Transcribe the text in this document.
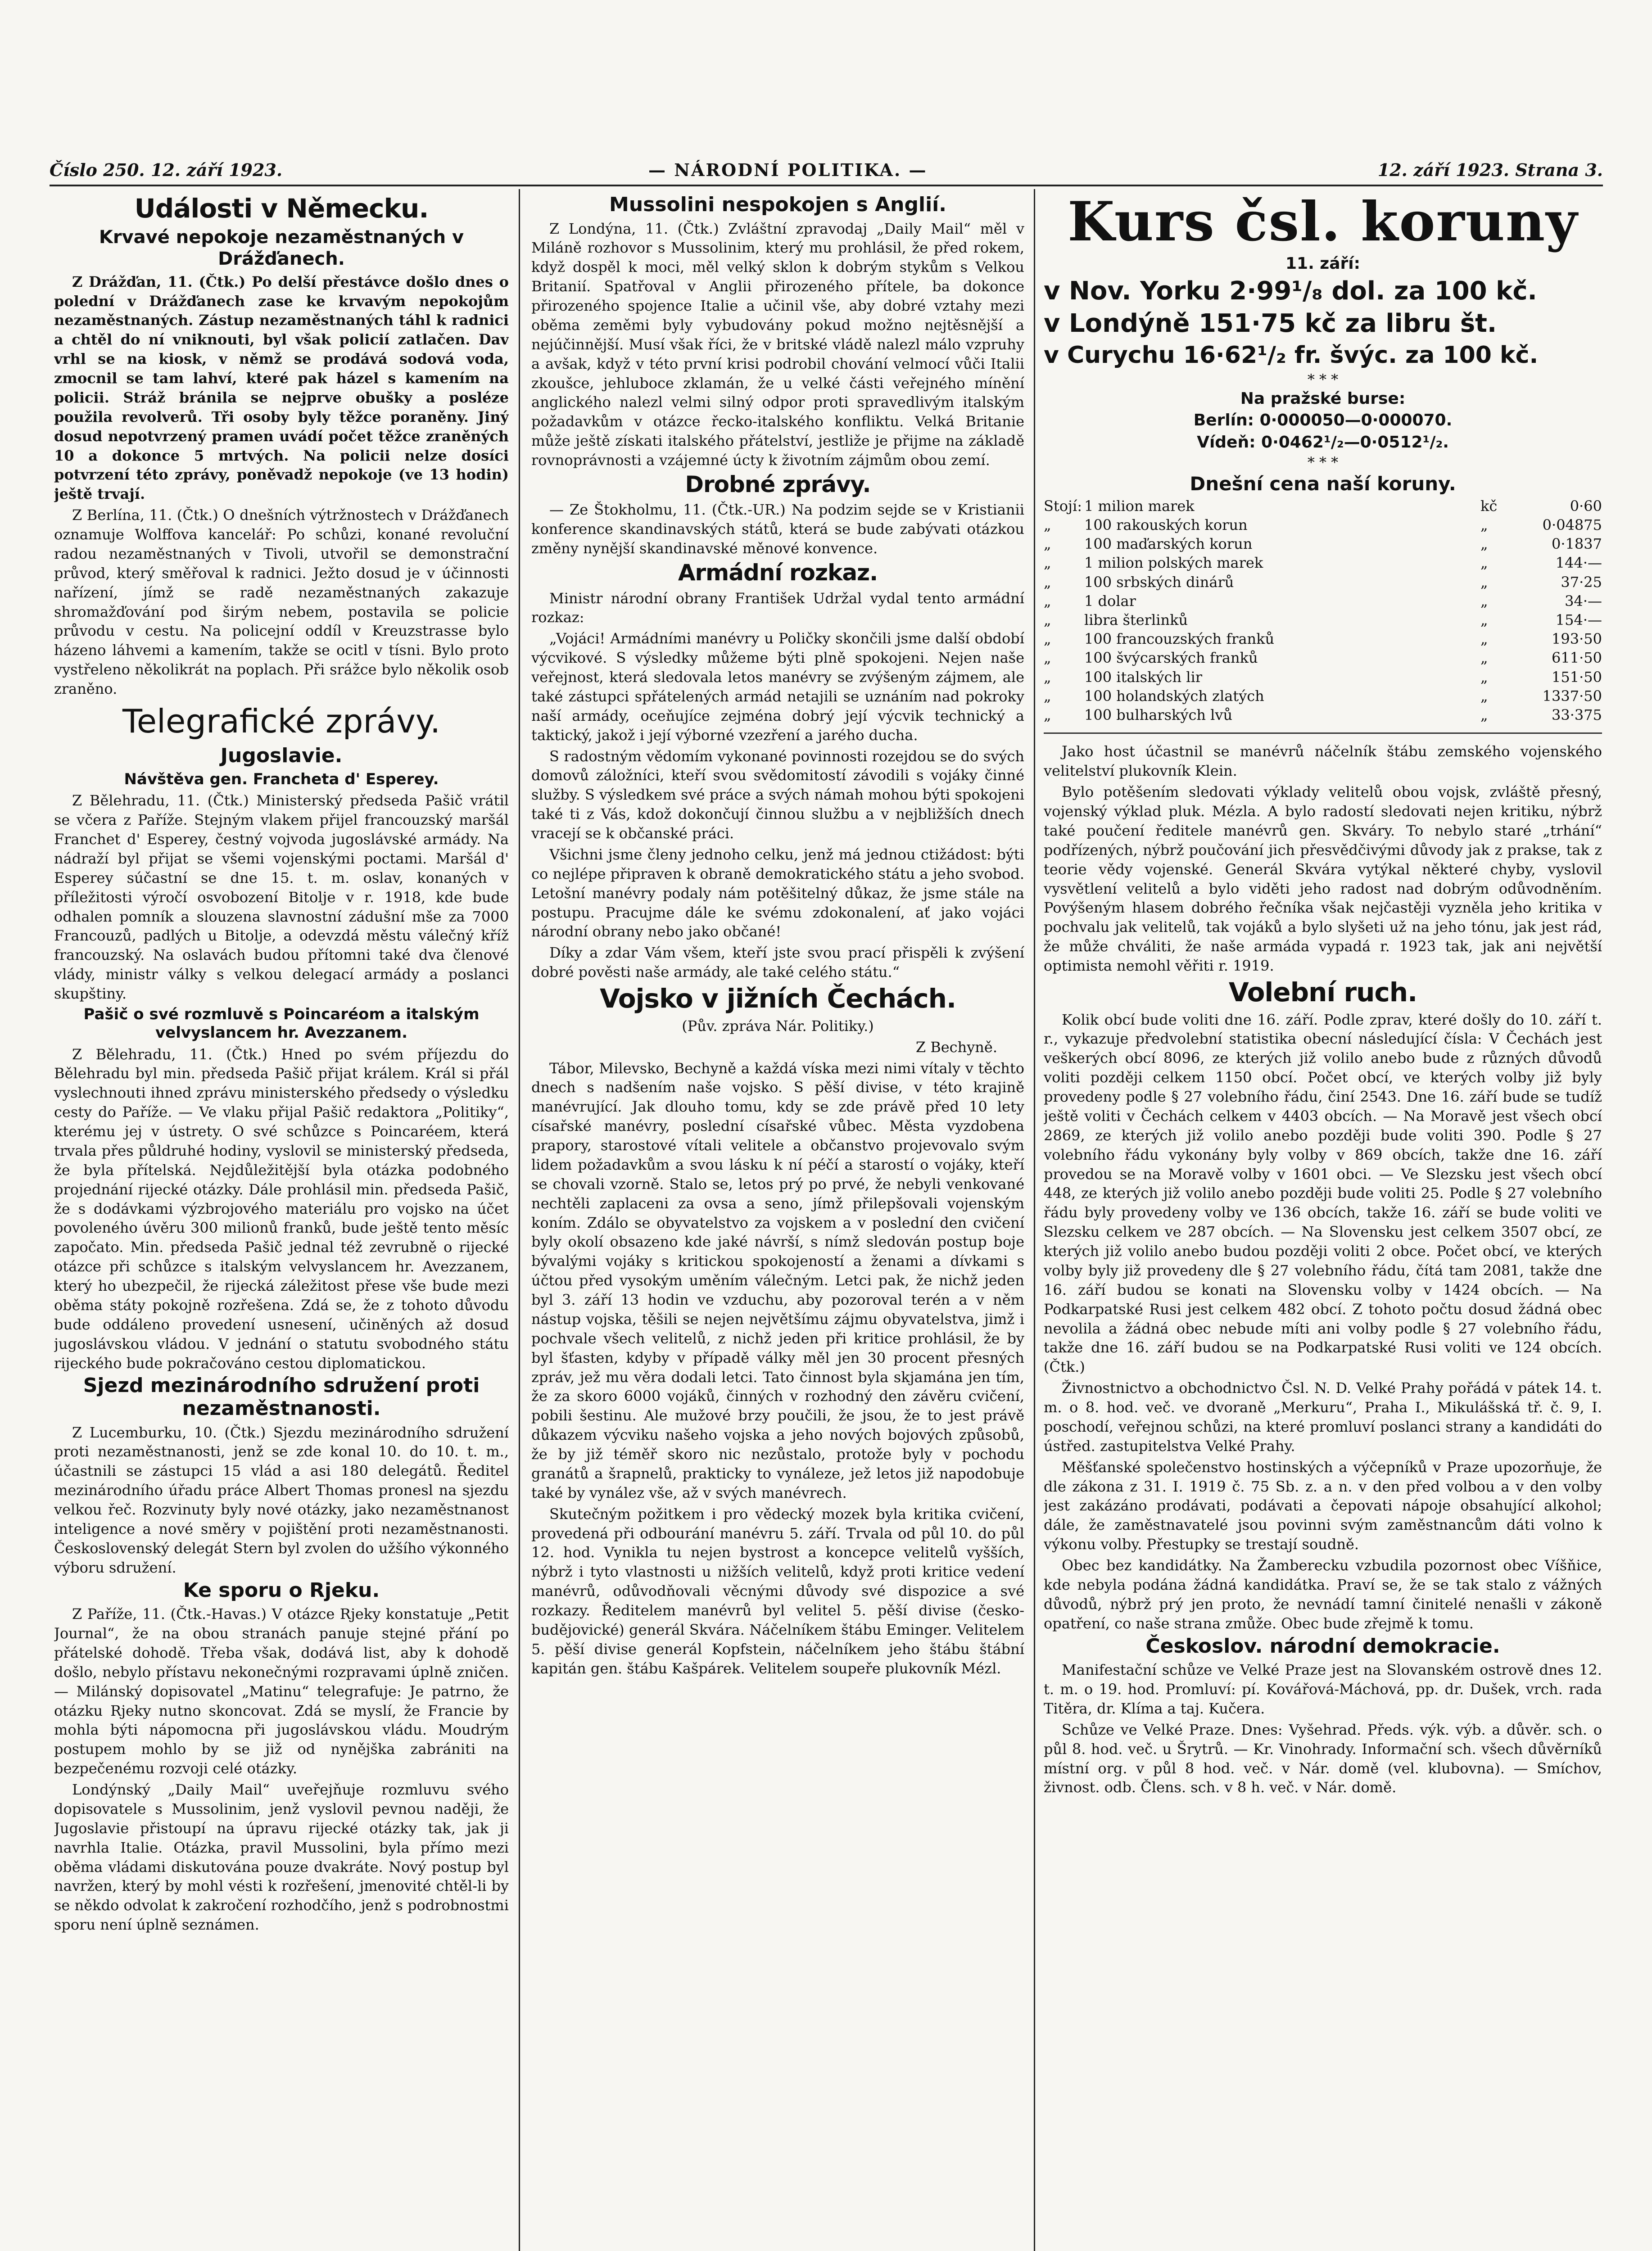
Číslo 250. 12. září 1923.	— NÁRODNÍ POLITIKA. —	12. září 1923. Strana 3.
Události v Německu.
Krvavé nepokoje nezaměstnaných v Drážďanech.

Z Drážďan, 11. (Čtk.) Po delší přestávce došlo dnes o polední v Drážďanech zase ke krvavým nepokojům nezaměstnaných. Zástup nezaměstnaných táhl k radnici a chtěl do ní vniknouti, byl však policií zatlačen. Dav vrhl se na kiosk, v němž se prodává sodová voda, zmocnil se tam lahví, které pak házel s kamením na policii. Stráž bránila se nejprve obušky a posléze použila revolverů. Tři osoby byly těžce poraněny. Jiný dosud nepotvrzený pramen uvádí počet těžce zraněných 10 a dokonce 5 mrtvých. Na policii nelze dosíci potvrzení této zprávy, poněvadž nepokoje (ve 13 hodin) ještě trvají.

Z Berlína, 11. (Čtk.) O dnešních výtržnostech v Drážďanech oznamuje Wolffova kancelář: Po schůzi, konané revoluční radou nezaměstnaných v Tivoli, utvořil se demonstrační průvod, který směřoval k radnici. Ježto dosud je v účinnosti nařízení, jímž se radě nezaměstnaných zakazuje shromažďování pod širým nebem, postavila se policie průvodu v cestu. Na policejní oddíl v Kreuzstrasse bylo házeno láhvemi a kamením, takže se ocitl v tísni. Bylo proto vystřeleno několikrát na poplach. Při srážce bylo několik osob zraněno.

Telegrafické zprávy.
Jugoslavie.
Návštěva gen. Francheta d' Esperey.

Z Bělehradu, 11. (Čtk.) Ministerský předseda Pašič vrátil se včera z Paříže. Stejným vlakem přijel francouzský maršál Franchet d' Esperey, čestný vojvoda jugoslávské armády. Na nádraží byl přijat se všemi vojenskými poctami. Maršál d' Esperey súčastní se dne 15. t. m. oslav, konaných v příležitosti výročí osvobození Bitolje v r. 1918, kde bude odhalen pomník a slouzena slavnostní zádušní mše za 7000 Francouzů, padlých u Bitolje, a odevzdá městu válečný kříž francouzský. Na oslavách budou přítomni také dva členové vlády, ministr války s velkou delegací armády a poslanci skupštiny.

Pašič o své rozmluvě s Poincaréom a italským velvyslancem hr. Avezzanem.

Z Bělehradu, 11. (Čtk.) Hned po svém příjezdu do Bělehradu byl min. předseda Pašič přijat králem. Král si přál vyslechnouti ihned zprávu ministerského předsedy o výsledku cesty do Paříže. — Ve vlaku přijal Pašič redaktora „Politiky“, kterému jej v ústrety. O své schůzce s Poincaréem, která trvala přes půldruhé hodiny, vyslovil se ministerský předseda, že byla přítelská. Nejdůležitější byla otázka podobného projednání rijecké otázky. Dále prohlásil min. předseda Pašič, že s dodávkami výzbrojového materiálu pro vojsko na účet povoleného úvěru 300 milionů franků, bude ještě tento měsíc započato. Min. předseda Pašič jednal též zevrubně o rijecké otázce při schůzce s italským velvyslancem hr. Avezzanem, který ho ubezpečil, že rijecká záležitost přese vše bude mezi oběma státy pokojně rozřešena. Zdá se, že z tohoto důvodu bude oddáleno provedení usnesení, učiněných až dosud jugoslávskou vládou. V jednání o statutu svobodného státu rijeckého bude pokračováno cestou diplomatickou.

Sjezd mezinárodního sdružení proti nezaměstnanosti.

Z Lucemburku, 10. (Čtk.) Sjezdu mezinárodního sdružení proti nezaměstnanosti, jenž se zde konal 10. do 10. t. m., účastnili se zástupci 15 vlád a asi 180 delegátů. Ředitel mezinárodního úřadu práce Albert Thomas pronesl na sjezdu velkou řeč. Rozvinuty byly nové otázky, jako nezaměstnanost inteligence a nové směry v pojištění proti nezaměstnanosti. Československý delegát Stern byl zvolen do užšího výkonného výboru sdružení.

Ke sporu o Rjeku.

Z Paříže, 11. (Čtk.-Havas.) V otázce Rjeky konstatuje „Petit Journal“, že na obou stranách panuje stejné přání po přátelské dohodě. Třeba však, dodává list, aby k dohodě došlo, nebylo přístavu nekonečnými rozpravami úplně zničen. — Milánský dopisovatel „Matinu“ telegrafuje: Je patrno, že otázku Rjeky nutno skoncovat. Zdá se myslí, že Francie by mohla býti nápomocna při jugoslávskou vládu. Moudrým postupem mohlo by se již od nynějška zabrániti na bezpečenému rozvoji celé otázky.

Londýnský „Daily Mail“ uveřejňuje rozmluvu svého dopisovatele s Mussolinim, jenž vyslovil pevnou naději, že Jugoslavie přistoupí na úpravu rijecké otázky tak, jak ji navrhla Italie. Otázka, pravil Mussolini, byla přímo mezi oběma vládami diskutována pouze dvakráte. Nový postup byl navržen, který by mohl vésti k rozřešení, jmenovité chtěl-li by se někdo odvolat k zakročení rozhodčího, jenž s podrobnostmi sporu není úplně seznámen.

Mussolini nespokojen s Anglií.

Z Londýna, 11. (Čtk.) Zvláštní zpravodaj „Daily Mail“ měl v Miláně rozhovor s Mussolinim, který mu prohlásil, že před rokem, když dospěl k moci, měl velký sklon k dobrým stykům s Velkou Britanií. Spatřoval v Anglii přirozeného přítele, ba dokonce přirozeného spojence Italie a učinil vše, aby dobré vztahy mezi oběma zeměmi byly vybudovány pokud možno nejtěsnější a nejúčinnější. Musí však říci, že v britské vládě nalezl málo vzpruhy a avšak, když v této první krisi podrobil chování velmocí vůči Italii zkoušce, jehluboce zklamán, že u velké části veřejného mínění anglického nalezl velmi silný odpor proti spravedlivým italským požadavkům v otázce řecko-italského konfliktu. Velká Britanie může ještě získati italského přátelství, jestliže je přijme na základě rovnoprávnosti a vzájemné úcty k životním zájmům obou zemí.

Drobné zprávy.

— Ze Štokholmu, 11. (Čtk.-UR.) Na podzim sejde se v Kristianii konference skandinavských států, která se bude zabývati otázkou změny nynější skandinavské měnové konvence.

Armádní rozkaz.

Ministr národní obrany František Udržal vydal tento armádní rozkaz:

„Vojáci! Armádními manévry u Poličky skončili jsme další období výcvikové. S výsledky můžeme býti plně spokojeni. Nejen naše veřejnost, která sledovala letos manévry se zvýšeným zájmem, ale také zástupci spřátelených armád netajili se uznáním nad pokroky naší armády, oceňujíce zejména dobrý její výcvik technický a taktický, jakož i její výborné vzezření a jarého ducha.

S radostným vědomím vykonané povinnosti rozejdou se do svých domovů záložníci, kteří svou svědomitostí závodili s vojáky činné služby. S výsledkem své práce a svých námah mohou býti spokojeni také ti z Vás, kdož dokončují činnou službu a v nejbližších dnech vracejí se k občanské práci.

Všichni jsme členy jednoho celku, jenž má jednou ctižádost: býti co nejlépe připraven k obraně demokratického státu a jeho svobod. Letošní manévry podaly nám potěšitelný důkaz, že jsme stále na postupu. Pracujme dále ke svému zdokonalení, ať jako vojáci národní obrany nebo jako občané!

Díky a zdar Vám všem, kteří jste svou prací přispěli k zvýšení dobré pověsti naše armády, ale také celého státu.“

Vojsko v jižních Čechách.

(Pův. zpráva Nár. Politiky.)

Z Bechyně.

Tábor, Milevsko, Bechyně a každá víska mezi nimi vítaly v těchto dnech s nadšením naše vojsko. S pěší divise, v této krajině manévrující. Jak dlouho tomu, kdy se zde právě před 10 lety císařské manévry, poslední císařské vůbec. Města vyzdobena prapory, starostové vítali velitele a občanstvo projevovalo svým lidem požadavkům a svou lásku k ní péčí a starostí o vojáky, kteří se chovali vzorně. Stalo se, letos prý po prvé, že nebyli venkované nechtěli zaplaceni za ovsa a seno, jímž přilepšovali vojenským koním. Zdálo se obyvatelstvo za vojskem a v poslední den cvičení byly okolí obsazeno kde jaké návrší, s nímž sledován postup boje bývalými vojáky s kritickou spokojeností a ženami a dívkami s účtou před vysokým uměním válečným. Letci pak, že nichž jeden byl 3. září 13 hodin ve vzduchu, aby pozoroval terén a v něm nástup vojska, těšili se nejen největšímu zájmu obyvatelstva, jimž i pochvale všech velitelů, z nichž jeden při kritice prohlásil, že by byl šťasten, kdyby v případě války měl jen 30 procent přesných zpráv, jež mu věra dodali letci. Tato činnost byla skjamána jen tím, že za skoro 6000 vojáků, činných v rozhodný den závěru cvičení, pobili šestinu. Ale mužové brzy poučili, že jsou, že to jest právě důkazem výcviku našeho vojska a jeho nových bojových způsobů, že by již téměř skoro nic nezůstalo, protože byly v pochodu granátů a šrapnelů, prakticky to vynáleze, jež letos již napodobuje také by vynález vše, až v svých manévrech.

Skutečným požitkem i pro vědecký mozek byla kritika cvičení, provedená při odbourání manévru 5. září. Trvala od půl 10. do půl 12. hod. Vynikla tu nejen bystrost a koncepce velitelů vyšších, nýbrž i tyto vlastnosti u nižších velitelů, když proti kritice vedení manévrů, odůvodňovali věcnými důvody své dispozice a své rozkazy. Ředitelem manévrů byl velitel 5. pěší divise (česko-budějovické) generál Skvára. Náčelníkem štábu Eminger. Velitelem 5. pěší divise generál Kopfstein, náčelníkem jeho štábu štábní kapitán gen. štábu Kašpárek. Velitelem soupeře plukovník Mézl.

Kurs čsl. koruny
11. září:
v Nov. Yorku 2·99¹/₈ dol. za 100 kč.
v Londýně 151·75 kč za libru št.
v Curychu 16·62¹/₂ fr. švýc. za 100 kč.
* * *
Na pražské burse:
Berlín: 0·000050—0·000070.
Vídeň: 0·0462¹/₂—0·0512¹/₂.
* * *
Dnešní cena naší koruny.
Stojí:	1 milion marek	kč	0·60
„	100 rakouských korun	„	0·04875
„	100 maďarských korun	„	0·1837
„	1 milion polských marek	„	144·—
„	100 srbských dinárů	„	37·25
„	1 dolar	„	34·—
„	libra šterlinků	„	154·—
„	100 francouzských franků	„	193·50
„	100 švýcarských franků	„	611·50
„	100 italských lir	„	151·50
„	100 holandských zlatých	„	1337·50
„	100 bulharských lvů	„	33·375

Jako host účastnil se manévrů náčelník štábu zemského vojenského velitelství plukovník Klein.

Bylo potěšením sledovati výklady velitelů obou vojsk, zvláště přesný, vojenský výklad pluk. Mézla. A bylo radostí sledovati nejen kritiku, nýbrž také poučení ředitele manévrů gen. Skváry. To nebylo staré „trhání“ podřízených, nýbrž poučování jich přesvědčivými důvody jak z prakse, tak z teorie vědy vojenské. Generál Skvára vytýkal některé chyby, vyslovil vysvětlení velitelů a bylo viděti jeho radost nad dobrým odůvodněním. Povýšeným hlasem dobrého řečníka však nejčastěji vyzněla jeho kritika v pochvalu jak velitelů, tak vojáků a bylo slyšeti už na jeho tónu, jak jest rád, že může chváliti, že naše armáda vypadá r. 1923 tak, jak ani největší optimista nemohl věřiti r. 1919.

Volební ruch.

Kolik obcí bude voliti dne 16. září. Podle zprav, které došly do 10. září t. r., vykazuje předvolební statistika obecní následující čísla: V Čechách jest veškerých obcí 8096, ze kterých již volilo anebo bude z různých důvodů voliti později celkem 1150 obcí. Počet obcí, ve kterých volby již byly provedeny podle § 27 volebního řádu, činí 2543. Dne 16. září bude se tudíž ještě voliti v Čechách celkem v 4403 obcích. — Na Moravě jest všech obcí 2869, ze kterých již volilo anebo později bude voliti 390. Podle § 27 volebního řádu vykonány byly volby v 869 obcích, takže dne 16. září provedou se na Moravě volby v 1601 obci. — Ve Slezsku jest všech obcí 448, ze kterých již volilo anebo později bude voliti 25. Podle § 27 volebního řádu byly provedeny volby ve 136 obcích, takže 16. září se bude voliti ve Slezsku celkem ve 287 obcích. — Na Slovensku jest celkem 3507 obcí, ze kterých již volilo anebo budou později voliti 2 obce. Počet obcí, ve kterých volby byly již provedeny dle § 27 volebního řádu, čítá tam 2081, takže dne 16. září budou se konati na Slovensku volby v 1424 obcích. — Na Podkarpatské Rusi jest celkem 482 obcí. Z tohoto počtu dosud žádná obec nevolila a žádná obec nebude míti ani volby podle § 27 volebního řádu, takže dne 16. září budou se na Podkarpatské Rusi voliti ve 124 obcích. (Čtk.)

Živnostnictvo a obchodnictvo Čsl. N. D. Velké Prahy pořádá v pátek 14. t. m. o 8. hod. več. ve dvoraně „Merkuru“, Praha I., Mikulášská tř. č. 9, I. poschodí, veřejnou schůzi, na které promluví poslanci strany a kandidáti do ústřed. zastupitelstva Velké Prahy.

Měšťanské společenstvo hostinských a výčepníků v Praze upozorňuje, že dle zákona z 31. I. 1919 č. 75 Sb. z. a n. v den před volbou a v den volby jest zakázáno prodávati, podávati a čepovati nápoje obsahující alkohol; dále, že zaměstnavatelé jsou povinni svým zaměstnancům dáti volno k výkonu volby. Přestupky se trestají soudně.

Obec bez kandidátky. Na Žamberecku vzbudila pozornost obec Víšňice, kde nebyla podána žádná kandidátka. Praví se, že se tak stalo z vážných důvodů, nýbrž prý jen proto, že nevnádí tamní činitelé nenašli v zákoně opatření, co naše strana zmůže. Obec bude zřejmě k tomu.

Českoslov. národní demokracie.

Manifestační schůze ve Velké Praze jest na Slovanském ostrově dnes 12. t. m. o 19. hod. Promluví: pí. Kovářová-Máchová, pp. dr. Dušek, vrch. rada Titěra, dr. Klíma a taj. Kučera.

Schůze ve Velké Praze. Dnes: Vyšehrad. Předs. výk. výb. a důvěr. sch. o půl 8. hod. več. u Šrytrů. — Kr. Vinohrady. Informační sch. všech důvěrníků místní org. v půl 8 hod. več. v Nár. domě (vel. klubovna). — Smíchov, živnost. odb. Člens. sch. v 8 h. več. v Nár. domě.
